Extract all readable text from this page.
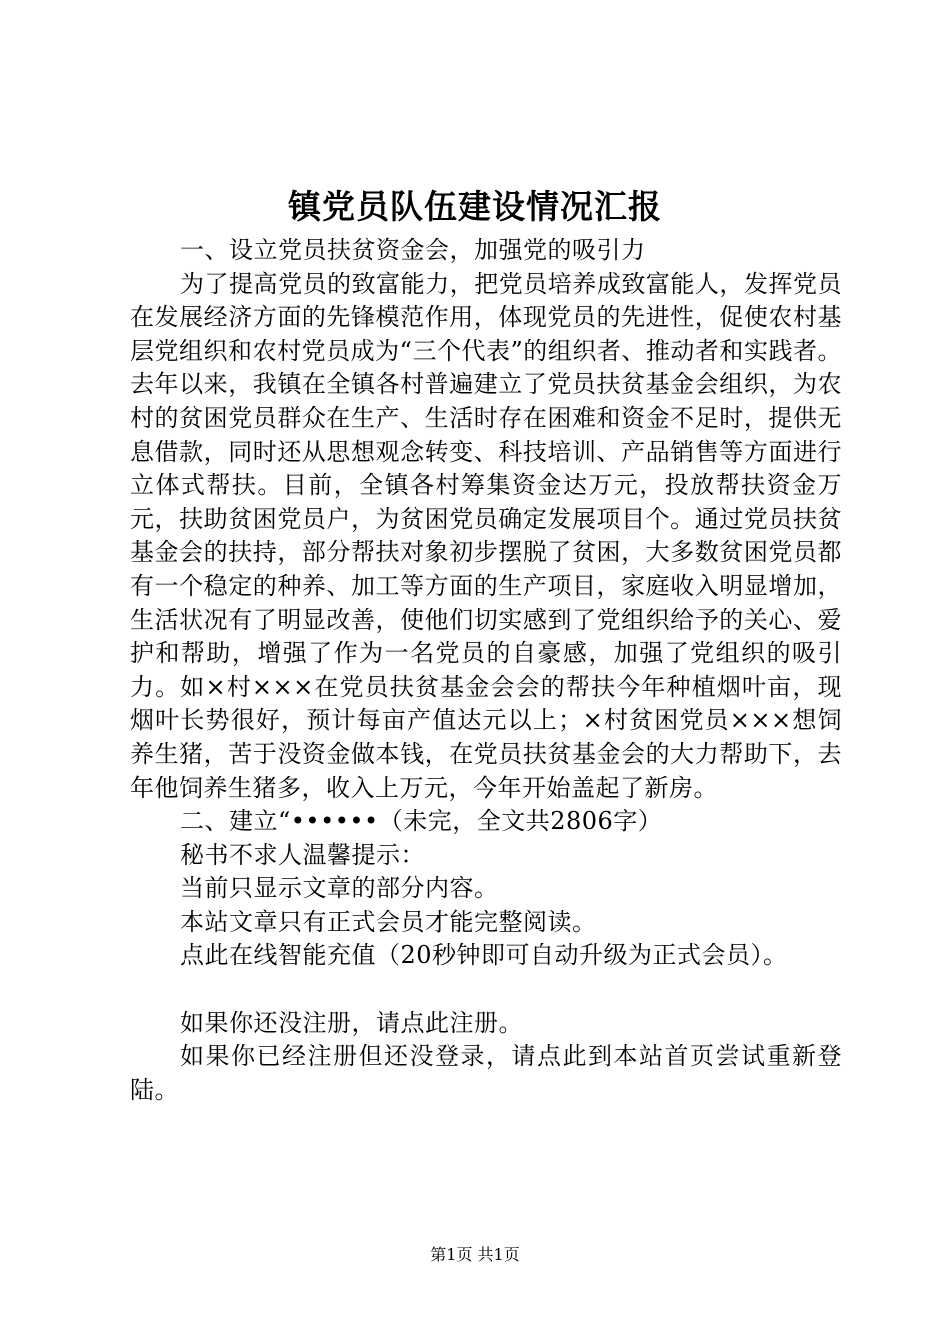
镇党员队伍建设情况汇报

一、设立党员扶贫资金会，加强党的吸引力

为了提高党员的致富能力，把党员培养成致富能人，发挥党员在发展经济方面的先锋模范作用，体现党员的先进性，促使农村基层党组织和农村党员成为“三个代表”的组织者、推动者和实践者。去年以来，我镇在全镇各村普遍建立了党员扶贫基金会组织，为农村的贫困党员群众在生产、生活时存在困难和资金不足时，提供无息借款，同时还从思想观念转变、科技培训、产品销售等方面进行立体式帮扶。目前，全镇各村筹集资金达万元，投放帮扶资金万元，扶助贫困党员户，为贫困党员确定发展项目个。通过党员扶贫基金会的扶持，部分帮扶对象初步摆脱了贫困，大多数贫困党员都有一个稳定的种养、加工等方面的生产项目，家庭收入明显增加，生活状况有了明显改善，使他们切实感到了党组织给予的关心、爱护和帮助，增强了作为一名党员的自豪感，加强了党组织的吸引力。如×村×××在党员扶贫基金会会的帮扶今年种植烟叶亩，现烟叶长势很好，预计每亩产值达元以上；×村贫困党员×××想饲养生猪，苦于没资金做本钱，在党员扶贫基金会的大力帮助下，去年他饲养生猪多，收入上万元，今年开始盖起了新房。

二、建立“••••••（未完，全文共2806字）

秘书不求人温馨提示：

当前只显示文章的部分内容。

本站文章只有正式会员才能完整阅读。

点此在线智能充值（20秒钟即可自动升级为正式会员）。

如果你还没注册，请点此注册。

如果你已经注册但还没登录，请点此到本站首页尝试重新登陆。

第1页 共1页
